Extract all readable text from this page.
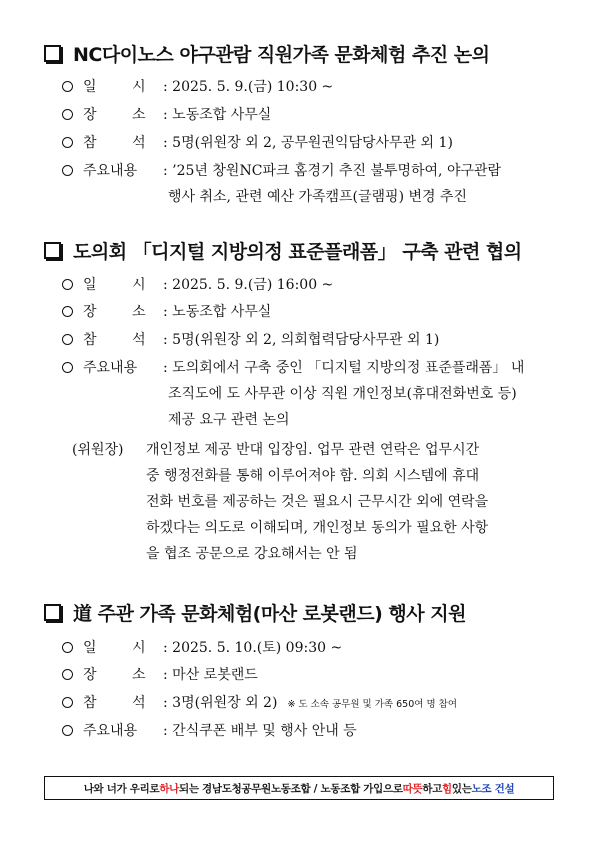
NC다이노스 야구관람 직원가족 문화체험 추진 논의
일        시 : 2025. 5. 9.(금) 10:30 ~
장        소 : 노동조합 사무실
참        석 : 5명(위원장 외 2, 공무원권익담당사무관 외 1)
주요내용 : ’25년 창원NC파크 홈경기 추진 불투명하여, 야구관람
행사 취소, 관련 예산 가족캠프(글램핑) 변경 추진
도의회 「디지털 지방의정 표준플래폼」 구축 관련 협의
일        시 : 2025. 5. 9.(금) 16:00 ~
장        소 : 노동조합 사무실
참        석 : 5명(위원장 외 2, 의회협력담당사무관 외 1)
주요내용 : 도의회에서 구축 중인 「디지털 지방의정 표준플래폼」 내
조직도에 도 사무관 이상 직원 개인정보(휴대전화번호 등)
제공 요구 관련 논의
(위원장) 개인정보 제공 반대 입장임. 업무 관련 연락은 업무시간
중 행정전화를 통해 이루어져야 함. 의회 시스템에 휴대
전화 번호를 제공하는 것은 필요시 근무시간 외에 연락을
하겠다는 의도로 이해되며, 개인정보 동의가 필요한 사항
을 협조 공문으로 강요해서는 안 됨
道 주관 가족 문화체험(마산 로봇랜드) 행사 지원
일        시 : 2025. 5. 10.(토) 09:30 ~
장        소 : 마산 로봇랜드
참        석 : 3명(위원장 외 2) ※ 도 소속 공무원 및 가족 650여 명 참여
주요내용 : 간식쿠폰 배부 및 행사 안내 등
나와 너가 우리로 하나 되는 경남도청공무원노동조합 / 노동조합 가입으로 따뜻 하고 힘 있는 노조 건설
